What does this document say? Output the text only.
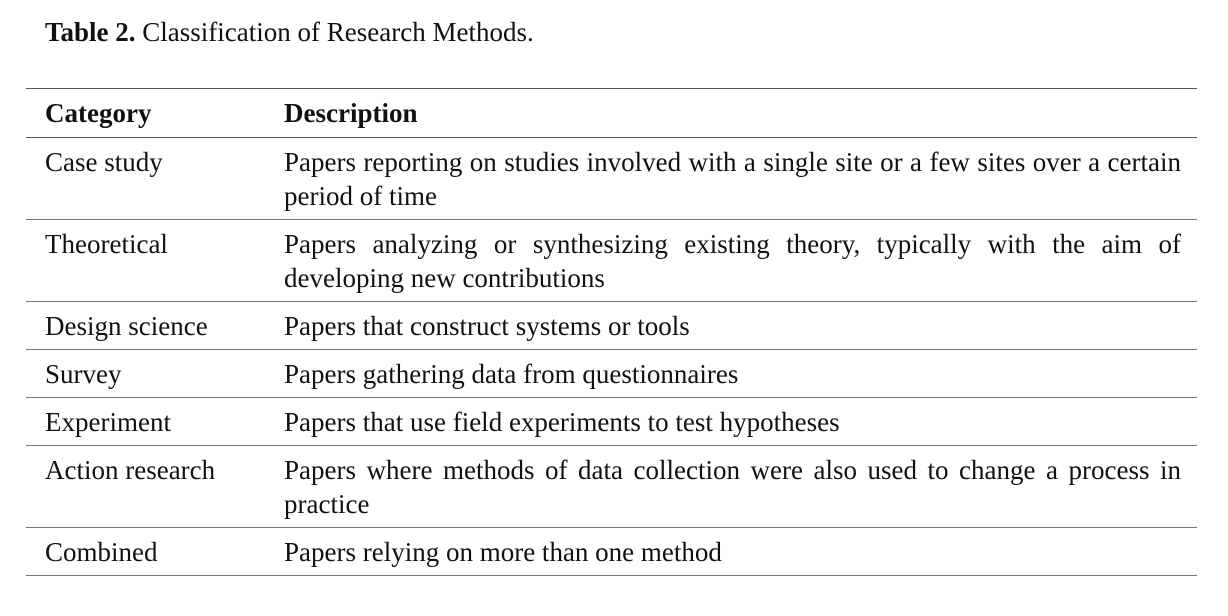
Table 2. Classification of Research Methods.
Category	Description
Case study	Papers reporting on studies involved with a single site or a few sites over a certain period of time
Theoretical	Papers analyzing or synthesizing existing theory, typically with the aim of developing new contributions
Design science	Papers that construct systems or tools
Survey	Papers gathering data from questionnaires
Experiment	Papers that use field experiments to test hypotheses
Action research	Papers where methods of data collection were also used to change a process in practice
Combined	Papers relying on more than one method
